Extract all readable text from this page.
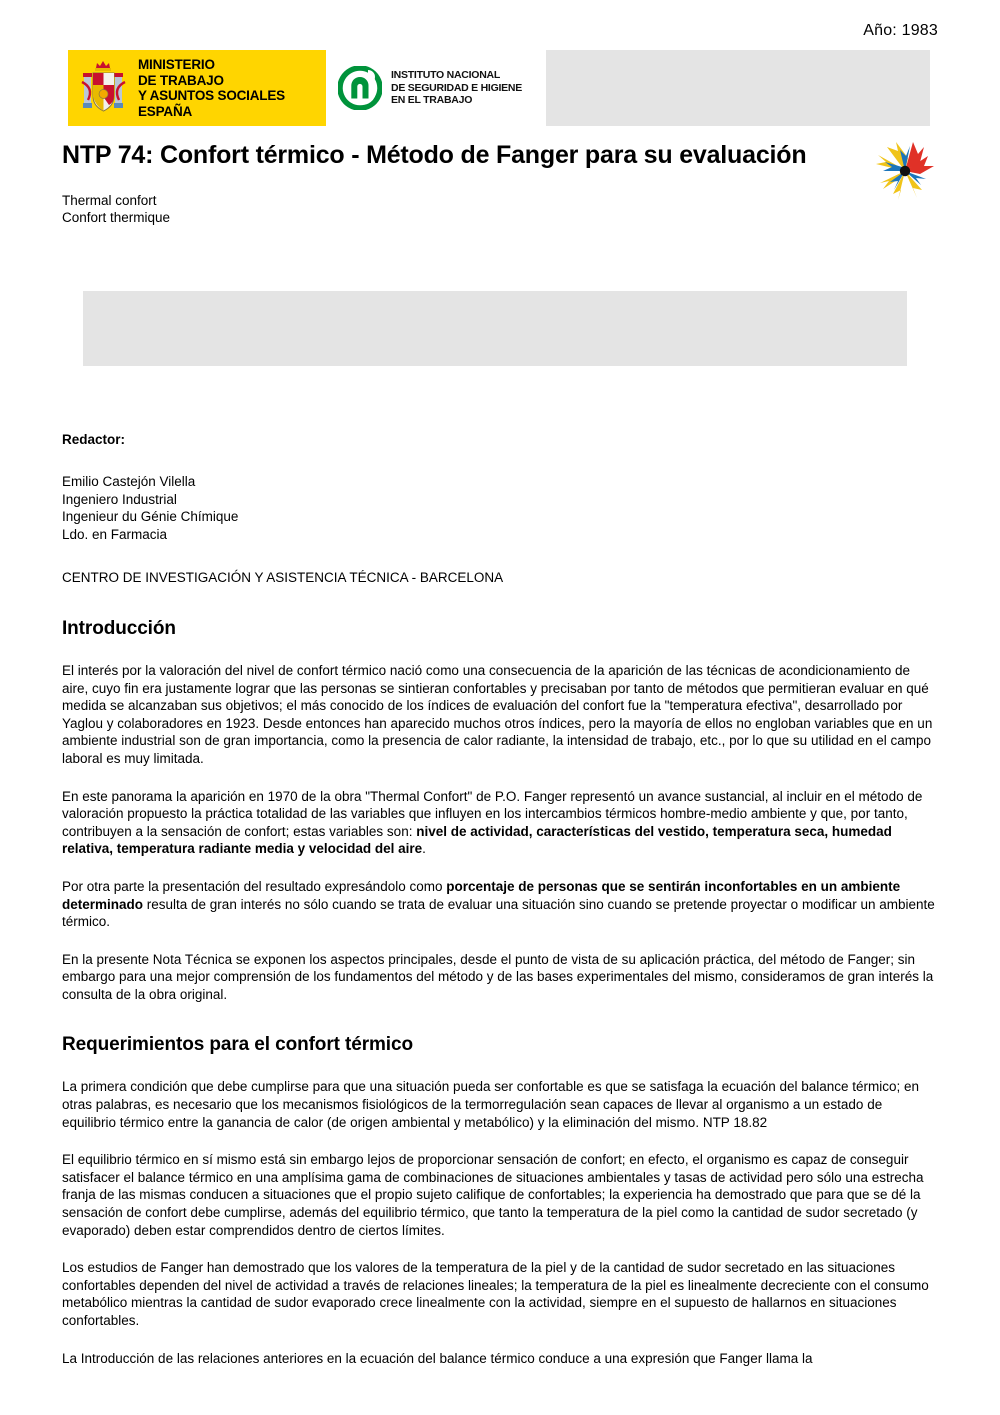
Año: 1983
MINISTERIO
DE TRABAJO
Y ASUNTOS SOCIALES
ESPAÑA
INSTITUTO NACIONAL
DE SEGURIDAD E HIGIENE
EN EL TRABAJO
NTP 74: Confort térmico - Método de Fanger para su evaluación
Thermal confort
Confort thermique
Redactor:
Emilio Castejón Vilella
Ingeniero Industrial
Ingenieur du Génie Chímique
Ldo. en Farmacia
CENTRO DE INVESTIGACIÓN Y ASISTENCIA TÉCNICA - BARCELONA
Introducción

El interés por la valoración del nivel de confort térmico nació como una consecuencia de la aparición de las técnicas de acondicionamiento de aire, cuyo fin era justamente lograr que las personas se sintieran confortables y precisaban por tanto de métodos que permitieran evaluar en qué medida se alcanzaban sus objetivos; el más conocido de los índices de evaluación del confort fue la "temperatura efectiva", desarrollado por Yaglou y colaboradores en 1923. Desde entonces han aparecido muchos otros índices, pero la mayoría de ellos no engloban variables que en un ambiente industrial son de gran importancia, como la presencia de calor radiante, la intensidad de trabajo, etc., por lo que su utilidad en el campo laboral es muy limitada.

En este panorama la aparición en 1970 de la obra "Thermal Confort" de P.O. Fanger representó un avance sustancial, al incluir en el método de valoración propuesto la práctica totalidad de las variables que influyen en los intercambios térmicos hombre-medio ambiente y que, por tanto, contribuyen a la sensación de confort; estas variables son: nivel de actividad, características del vestido, temperatura seca, humedad relativa, temperatura radiante media y velocidad del aire.

Por otra parte la presentación del resultado expresándolo como porcentaje de personas que se sentirán inconfortables en un ambiente determinado resulta de gran interés no sólo cuando se trata de evaluar una situación sino cuando se pretende proyectar o modificar un ambiente térmico.

En la presente Nota Técnica se exponen los aspectos principales, desde el punto de vista de su aplicación práctica, del método de Fanger; sin embargo para una mejor comprensión de los fundamentos del método y de las bases experimentales del mismo, consideramos de gran interés la consulta de la obra original.

Requerimientos para el confort térmico

La primera condición que debe cumplirse para que una situación pueda ser confortable es que se satisfaga la ecuación del balance térmico; en otras palabras, es necesario que los mecanismos fisiológicos de la termorregulación sean capaces de llevar al organismo a un estado de equilibrio térmico entre la ganancia de calor (de origen ambiental y metabólico) y la eliminación del mismo. NTP 18.82

El equilibrio térmico en sí mismo está sin embargo lejos de proporcionar sensación de confort; en efecto, el organismo es capaz de conseguir satisfacer el balance térmico en una amplísima gama de combinaciones de situaciones ambientales y tasas de actividad pero sólo una estrecha franja de las mismas conducen a situaciones que el propio sujeto califique de confortables; la experiencia ha demostrado que para que se dé la sensación de confort debe cumplirse, además del equilibrio térmico, que tanto la temperatura de la piel como la cantidad de sudor secretado (y evaporado) deben estar comprendidos dentro de ciertos límites.

Los estudios de Fanger han demostrado que los valores de la temperatura de la piel y de la cantidad de sudor secretado en las situaciones confortables dependen del nivel de actividad a través de relaciones lineales; la temperatura de la piel es linealmente decreciente con el consumo metabólico mientras la cantidad de sudor evaporado crece linealmente con la actividad, siempre en el supuesto de hallarnos en situaciones confortables.

La Introducción de las relaciones anteriores en la ecuación del balance térmico conduce a una expresión que Fanger llama la
